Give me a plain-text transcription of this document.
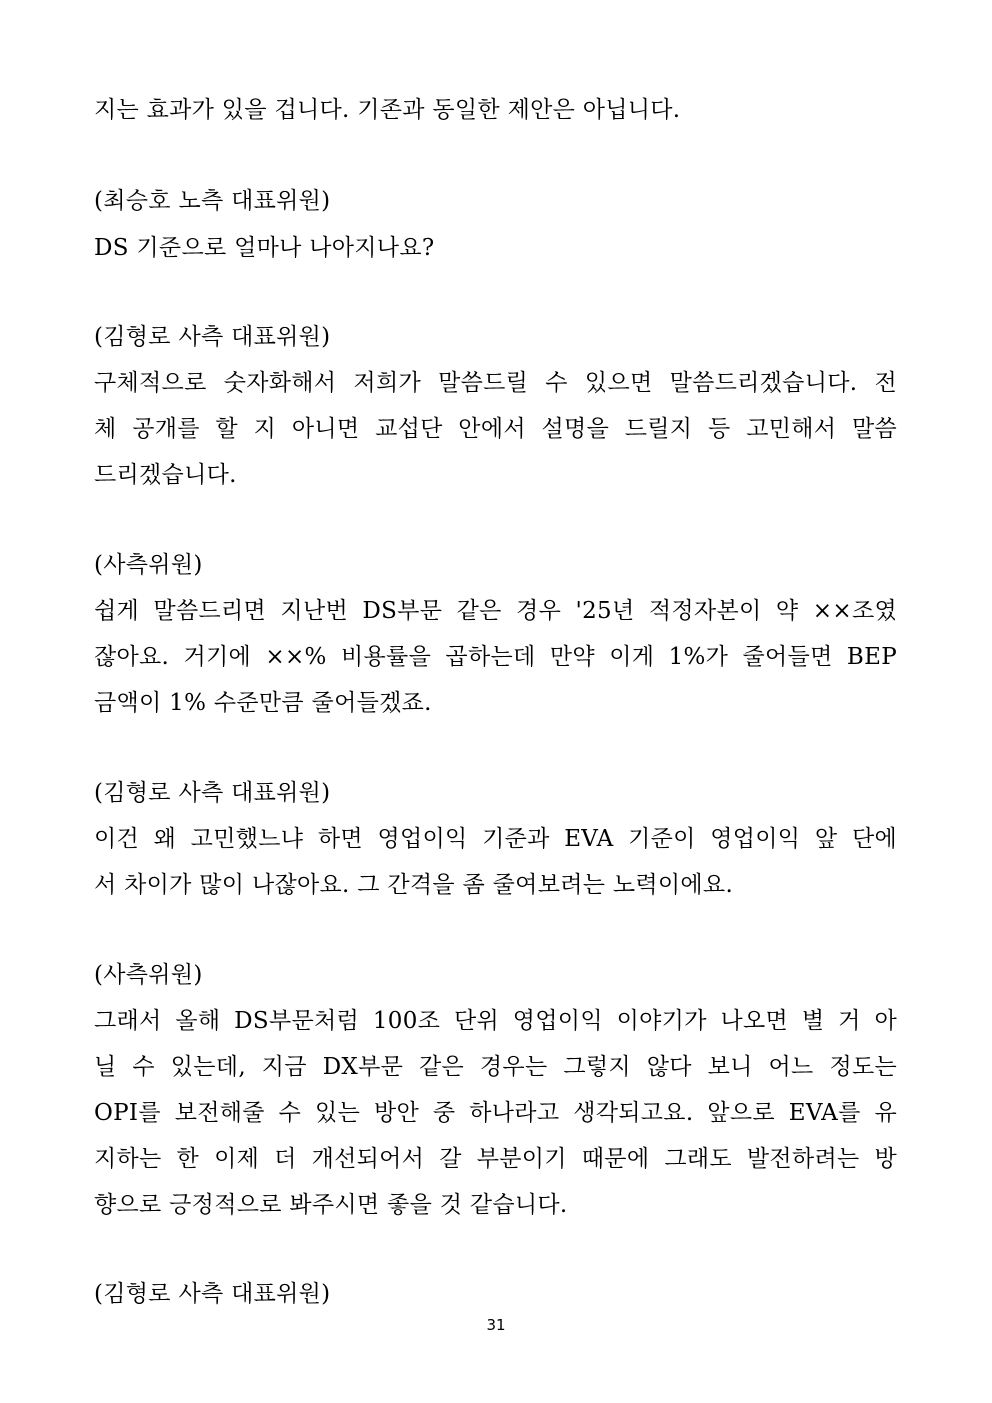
지는 효과가 있을 겁니다. 기존과 동일한 제안은 아닙니다.
(최승호 노측 대표위원)
DS 기준으로 얼마나 나아지나요?
(김형로 사측 대표위원)
구체적으로 숫자화해서 저희가 말씀드릴 수 있으면 말씀드리겠습니다. 전
체 공개를 할 지 아니면 교섭단 안에서 설명을 드릴지 등 고민해서 말씀
드리겠습니다.
(사측위원)
쉽게 말씀드리면 지난번 DS부문 같은 경우 '25년 적정자본이 약 ××조였
잖아요. 거기에 ××% 비용률을 곱하는데 만약 이게 1%가 줄어들면 BEP
금액이 1% 수준만큼 줄어들겠죠.
(김형로 사측 대표위원)
이건 왜 고민했느냐 하면 영업이익 기준과 EVA 기준이 영업이익 앞 단에
서 차이가 많이 나잖아요. 그 간격을 좀 줄여보려는 노력이에요.
(사측위원)
그래서 올해 DS부문처럼 100조 단위 영업이익 이야기가 나오면 별 거 아
닐 수 있는데, 지금 DX부문 같은 경우는 그렇지 않다 보니 어느 정도는
OPI를 보전해줄 수 있는 방안 중 하나라고 생각되고요. 앞으로 EVA를 유
지하는 한 이제 더 개선되어서 갈 부분이기 때문에 그래도 발전하려는 방
향으로 긍정적으로 봐주시면 좋을 것 같습니다.
(김형로 사측 대표위원)
31
